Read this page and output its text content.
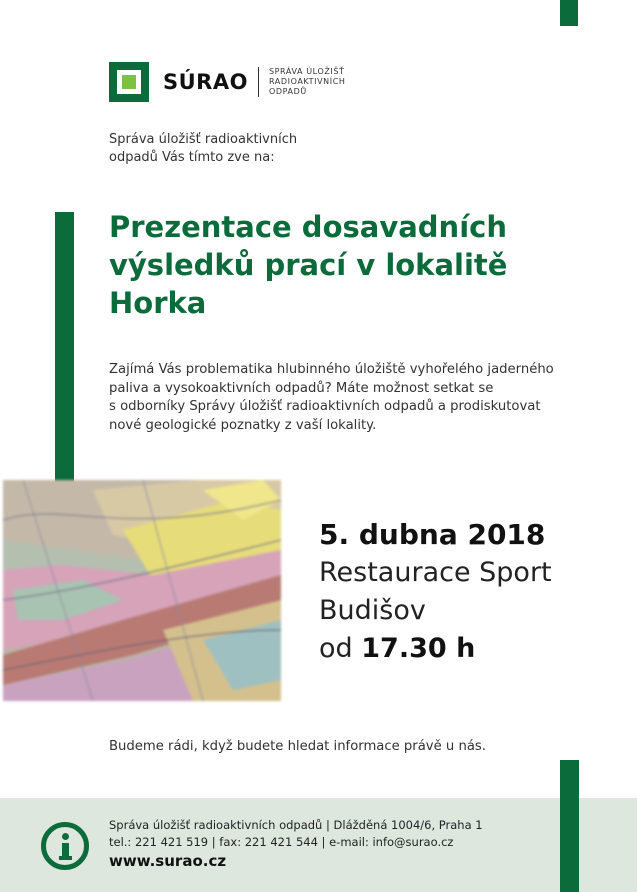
SÚRAO	SPRÁVA ÚLOŽIŠŤ
RADIOAKTIVNÍCH
ODPADŮ
Správa úložišť radioaktivních
odpadů Vás tímto zve na:
Prezentace dosavadních
výsledků prací v lokalitě
Horka
Zajímá Vás problematika hlubinného úložiště vyhořelého jaderného
paliva a vysokoaktivních odpadů? Máte možnost setkat se
s odborníky Správy úložišť radioaktivních odpadů a prodiskutovat
nové geologické poznatky z vaší lokality.
5. dubna 2018
Restaurace Sport
Budišov
od 17.30 h
Budeme rádi, když budete hledat informace právě u nás.
Správa úložišť radioaktivních odpadů | Dlážděná 1004/6, Praha 1
tel.: 221 421 519 | fax: 221 421 544 | e-mail: info@surao.cz
www.surao.cz
